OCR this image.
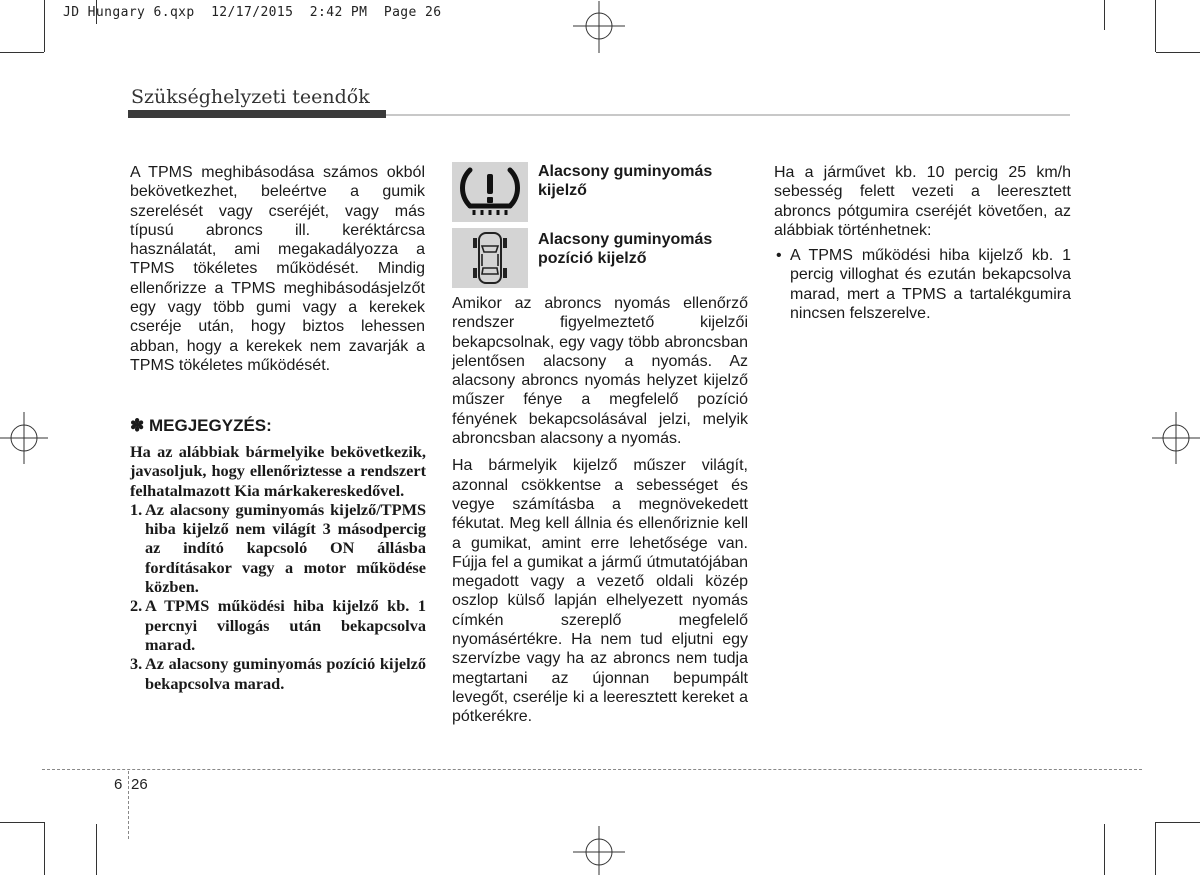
JD Hungary 6.qxp  12/17/2015  2:42 PM  Page 26
Szükséghelyzeti teendők

A TPMS meghibásodása számos okból bekövetkezhet, beleértve a gumik szerelését vagy cseréjét, vagy más típusú abroncs ill. keréktárcsa használatát, ami megakadályozza a TPMS tökéletes működését. Mindig ellenőrizze a TPMS meghibásodásjelzőt egy vagy több gumi vagy a kerekek cseréje után, hogy biztos lehessen abban, hogy a kerekek nem zavarják a TPMS tökéletes működését.

✽ MEGJEGYZÉS:

Ha az alábbiak bármelyike bekövetkezik, javasoljuk, hogy ellenőriztesse a rendszert felhatalmazott Kia márkakereskedővel.

1. Az alacsony guminyomás kijelző/TPMS hiba kijelző nem világít 3 másodpercig az indító kapcsoló ON állásba fordításakor vagy a motor működése közben.
2. A TPMS működési hiba kijelző kb. 1 percnyi villogás után bekapcsolva marad.
3. Az alacsony guminyomás pozíció kijelző bekapcsolva marad.
Alacsony guminyomás kijelző
Alacsony guminyomás pozíció kijelző

Amikor az abroncs nyomás ellenőrző rendszer figyelmeztető kijelzői bekapcsolnak, egy vagy több abroncsban jelentősen alacsony a nyomás. Az alacsony abroncs nyomás helyzet kijelző műszer fénye a megfelelő pozíció fényének bekapcsolásával jelzi, melyik abroncsban alacsony a nyomás.

Ha bármelyik kijelző műszer világít, azonnal csökkentse a sebességet és vegye számításba a megnövekedett fékutat. Meg kell állnia és ellenőriznie kell a gumikat, amint erre lehetősége van. Fújja fel a gumikat a jármű útmutatójában megadott vagy a vezető oldali közép oszlop külső lapján elhelyezett nyomás címkén szereplő megfelelő nyomásértékre. Ha nem tud eljutni egy szervízbe vagy ha az abroncs nem tudja megtartani az újonnan bepumpált levegőt, cserélje ki a leeresztett kereket a pótkerékre.

Ha a járművet kb. 10 percig 25 km/h sebesség felett vezeti a leeresztett abroncs pótgumira cseréjét követően, az alábbiak történhetnek:

• A TPMS működési hiba kijelző kb. 1 percig villoghat és ezután bekapcsolva marad, mert a TPMS a tartalékgumira nincsen felszerelve.
6 26
